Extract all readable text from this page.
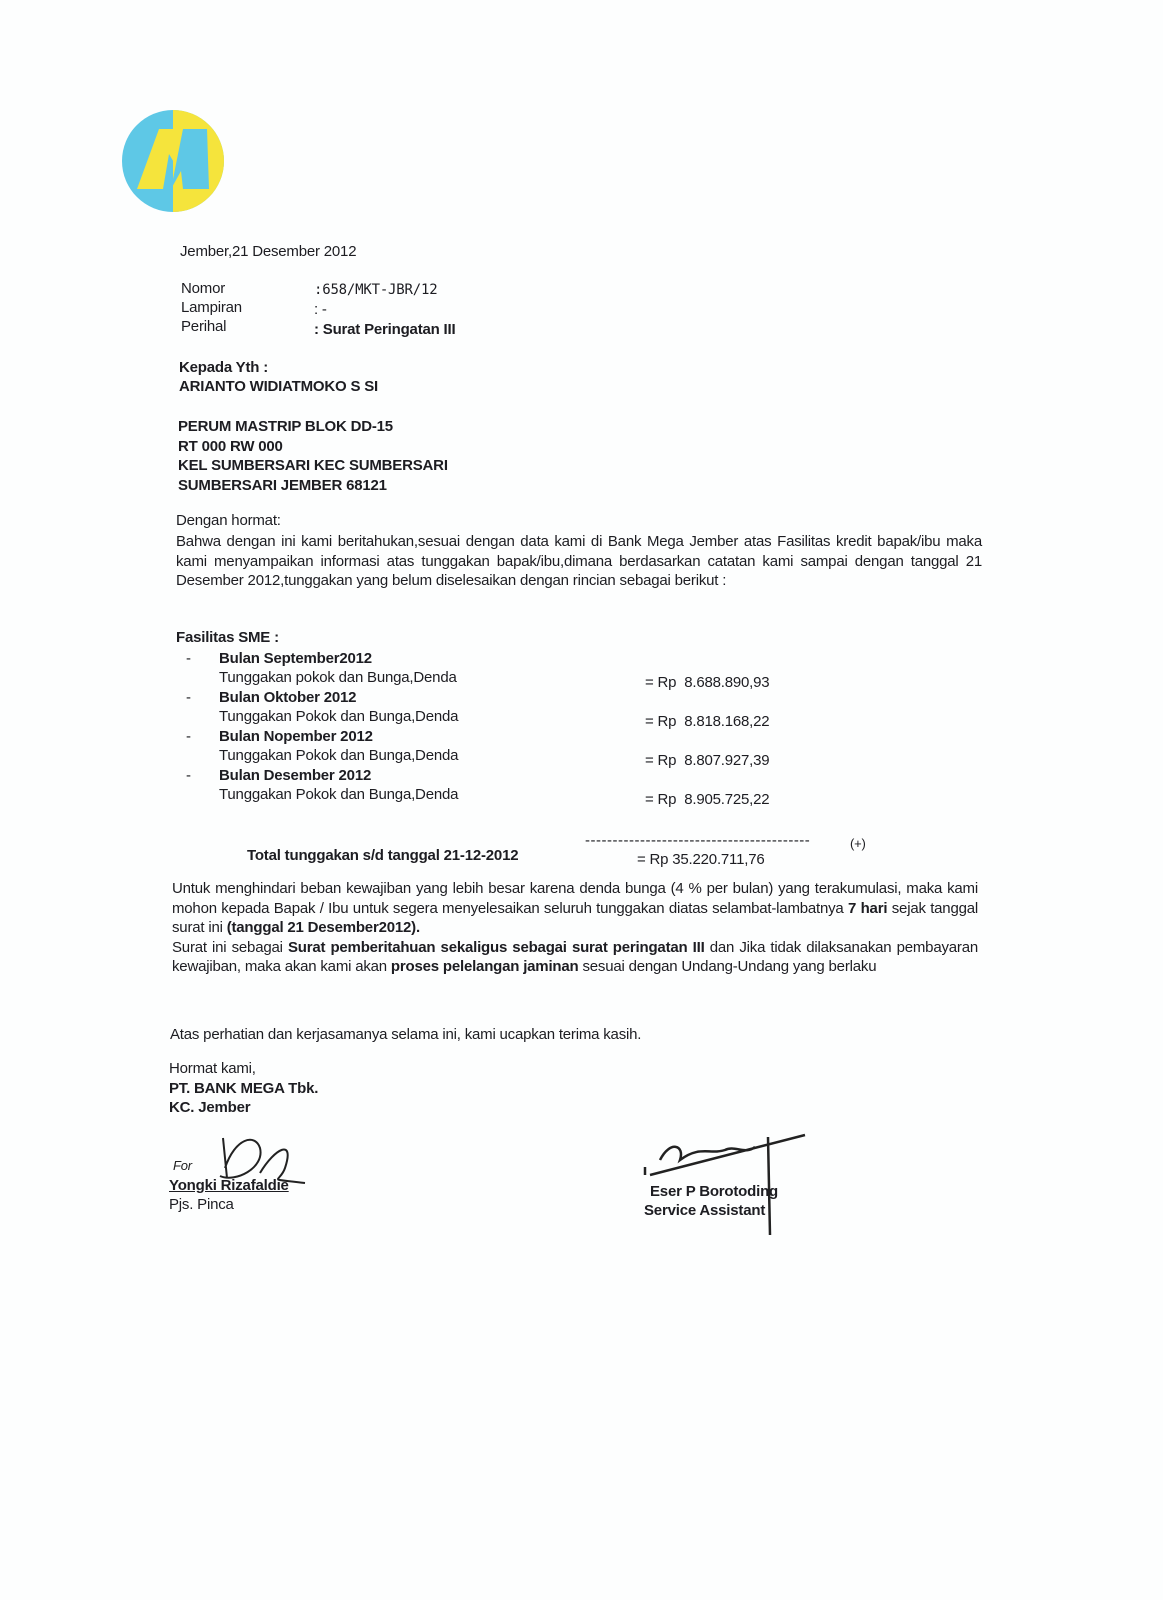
Jember,21 Desember 2012
Nomor	:658/MKT-JBR/12
Lampiran	: -
Perihal	: Surat Peringatan III
Kepada Yth :
ARIANTO WIDIATMOKO S SI
PERUM MASTRIP BLOK DD-15
RT 000 RW 000
KEL SUMBERSARI KEC SUMBERSARI
SUMBERSARI JEMBER 68121
Dengan hormat:
Bahwa dengan ini kami beritahukan,sesuai dengan data kami di Bank Mega Jember atas Fasilitas kredit bapak/ibu maka kami menyampaikan informasi atas tunggakan bapak/ibu,dimana berdasarkan catatan kami sampai dengan tanggal 21 Desember 2012,tunggakan yang belum diselesaikan dengan rincian sebagai berikut :
Fasilitas SME :
- Bulan September2012
Tunggakan pokok dan Bunga,Denda	= Rp  8.688.890,93
- Bulan Oktober 2012
Tunggakan Pokok dan Bunga,Denda	= Rp  8.818.168,22
- Bulan Nopember 2012
Tunggakan Pokok dan Bunga,Denda	= Rp  8.807.927,39
- Bulan Desember 2012
Tunggakan Pokok dan Bunga,Denda	= Rp  8.905.725,22
-----------------------------------------	(+)
Total tunggakan s/d tanggal 21-12-2012	= Rp 35.220.711,76
Untuk menghindari beban kewajiban yang lebih besar karena denda bunga (4 % per bulan) yang terakumulasi, maka kami mohon kepada Bapak / Ibu untuk segera menyelesaikan seluruh tunggakan diatas selambat-lambatnya 7 hari sejak tanggal surat ini (tanggal 21 Desember2012).
Surat ini sebagai Surat pemberitahuan sekaligus sebagai surat peringatan III dan Jika tidak dilaksanakan pembayaran kewajiban, maka akan kami akan proses pelelangan jaminan sesuai dengan Undang-Undang yang berlaku
Atas perhatian dan kerjasamanya selama ini, kami ucapkan terima kasih.
Hormat kami,
PT. BANK MEGA Tbk.
KC. Jember
For
Yongki Rizafaldie
Pjs. Pinca
Eser P Borotoding
Service Assistant
